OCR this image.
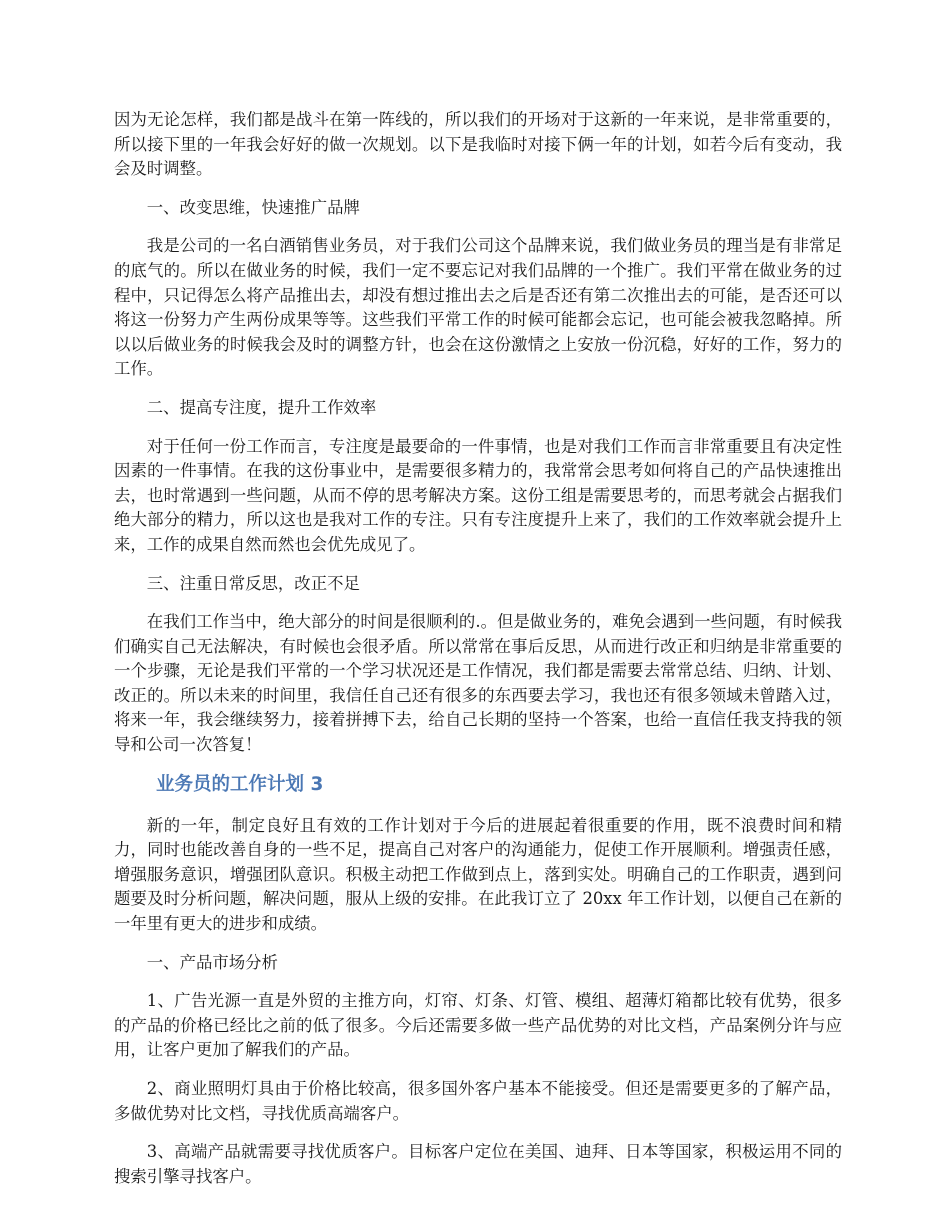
因为无论怎样，我们都是战斗在第一阵线的，所以我们的开场对于这新的一年来说，是非常重要的，所以接下里的一年我会好好的做一次规划。以下是我临时对接下俩一年的计划，如若今后有变动，我会及时调整。

一、改变思维，快速推广品牌

我是公司的一名白酒销售业务员，对于我们公司这个品牌来说，我们做业务员的理当是有非常足的底气的。所以在做业务的时候，我们一定不要忘记对我们品牌的一个推广。我们平常在做业务的过程中，只记得怎么将产品推出去，却没有想过推出去之后是否还有第二次推出去的可能，是否还可以将这一份努力产生两份成果等等。这些我们平常工作的时候可能都会忘记，也可能会被我忽略掉。所以以后做业务的时候我会及时的调整方针，也会在这份激情之上安放一份沉稳，好好的工作，努力的工作。

二、提高专注度，提升工作效率

对于任何一份工作而言，专注度是最要命的一件事情，也是对我们工作而言非常重要且有决定性因素的一件事情。在我的这份事业中，是需要很多精力的，我常常会思考如何将自己的产品快速推出去，也时常遇到一些问题，从而不停的思考解决方案。这份工组是需要思考的，而思考就会占据我们绝大部分的精力，所以这也是我对工作的专注。只有专注度提升上来了，我们的工作效率就会提升上来，工作的成果自然而然也会优先成见了。

三、注重日常反思，改正不足

在我们工作当中，绝大部分的时间是很顺利的.。但是做业务的，难免会遇到一些问题，有时候我们确实自己无法解决，有时候也会很矛盾。所以常常在事后反思，从而进行改正和归纳是非常重要的一个步骤，无论是我们平常的一个学习状况还是工作情况，我们都是需要去常常总结、归纳、计划、改正的。所以未来的时间里，我信任自己还有很多的东西要去学习，我也还有很多领域未曾踏入过，将来一年，我会继续努力，接着拼搏下去，给自己长期的坚持一个答案，也给一直信任我支持我的领导和公司一次答复！

业务员的工作计划 3

新的一年，制定良好且有效的工作计划对于今后的进展起着很重要的作用，既不浪费时间和精力，同时也能改善自身的一些不足，提高自己对客户的沟通能力，促使工作开展顺利。增强责任感，增强服务意识，增强团队意识。积极主动把工作做到点上，落到实处。明确自己的工作职责，遇到问题要及时分析问题，解决问题，服从上级的安排。在此我订立了 20xx 年工作计划，以便自己在新的一年里有更大的进步和成绩。

一、产品市场分析

1、广告光源一直是外贸的主推方向，灯帘、灯条、灯管、模组、超薄灯箱都比较有优势，很多的产品的价格已经比之前的低了很多。今后还需要多做一些产品优势的对比文档，产品案例分许与应用，让客户更加了解我们的产品。

2、商业照明灯具由于价格比较高，很多国外客户基本不能接受。但还是需要更多的了解产品，多做优势对比文档，寻找优质高端客户。

3、高端产品就需要寻找优质客户。目标客户定位在美国、迪拜、日本等国家，积极运用不同的搜索引擎寻找客户。
